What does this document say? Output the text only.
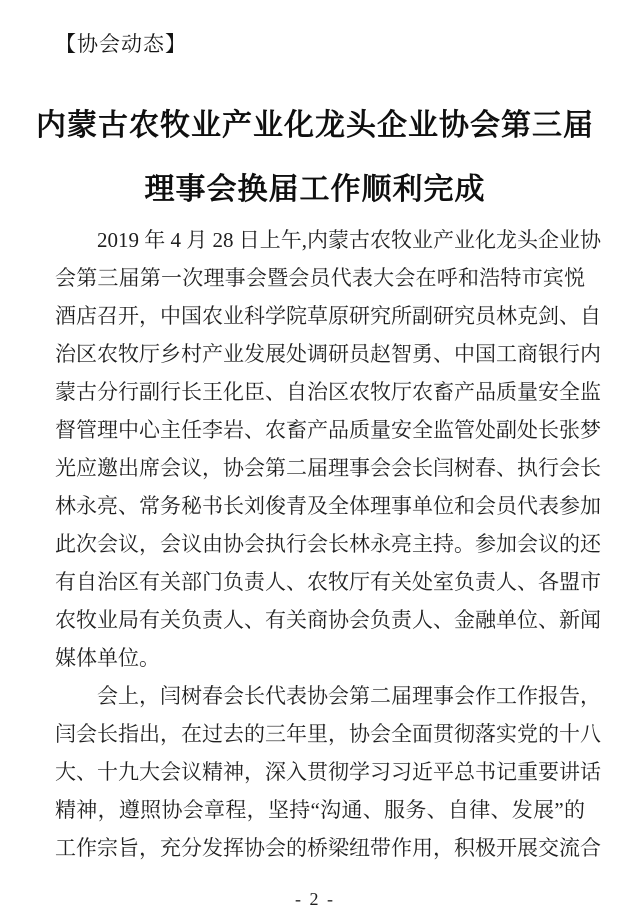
【协会动态】
内蒙古农牧业产业化龙头企业协会第三届
理事会换届工作顺利完成
2019 年 4 月 28 日上午,内蒙古农牧业产业化龙头企业协
会第三届第一次理事会暨会员代表大会在呼和浩特市宾悦
酒店召开，中国农业科学院草原研究所副研究员林克剑、自
治区农牧厅乡村产业发展处调研员赵智勇、中国工商银行内
蒙古分行副行长王化臣、自治区农牧厅农畜产品质量安全监
督管理中心主任李岩、农畜产品质量安全监管处副处长张梦
光应邀出席会议，协会第二届理事会会长闫树春、执行会长
林永亮、常务秘书长刘俊青及全体理事单位和会员代表参加
此次会议，会议由协会执行会长林永亮主持。参加会议的还
有自治区有关部门负责人、农牧厅有关处室负责人、各盟市
农牧业局有关负责人、有关商协会负责人、金融单位、新闻
媒体单位。
会上，闫树春会长代表协会第二届理事会作工作报告，
闫会长指出，在过去的三年里，协会全面贯彻落实党的十八
大、十九大会议精神，深入贯彻学习习近平总书记重要讲话
精神，遵照协会章程，坚持“沟通、服务、自律、发展”的
工作宗旨，充分发挥协会的桥梁纽带作用，积极开展交流合
- 2 -
